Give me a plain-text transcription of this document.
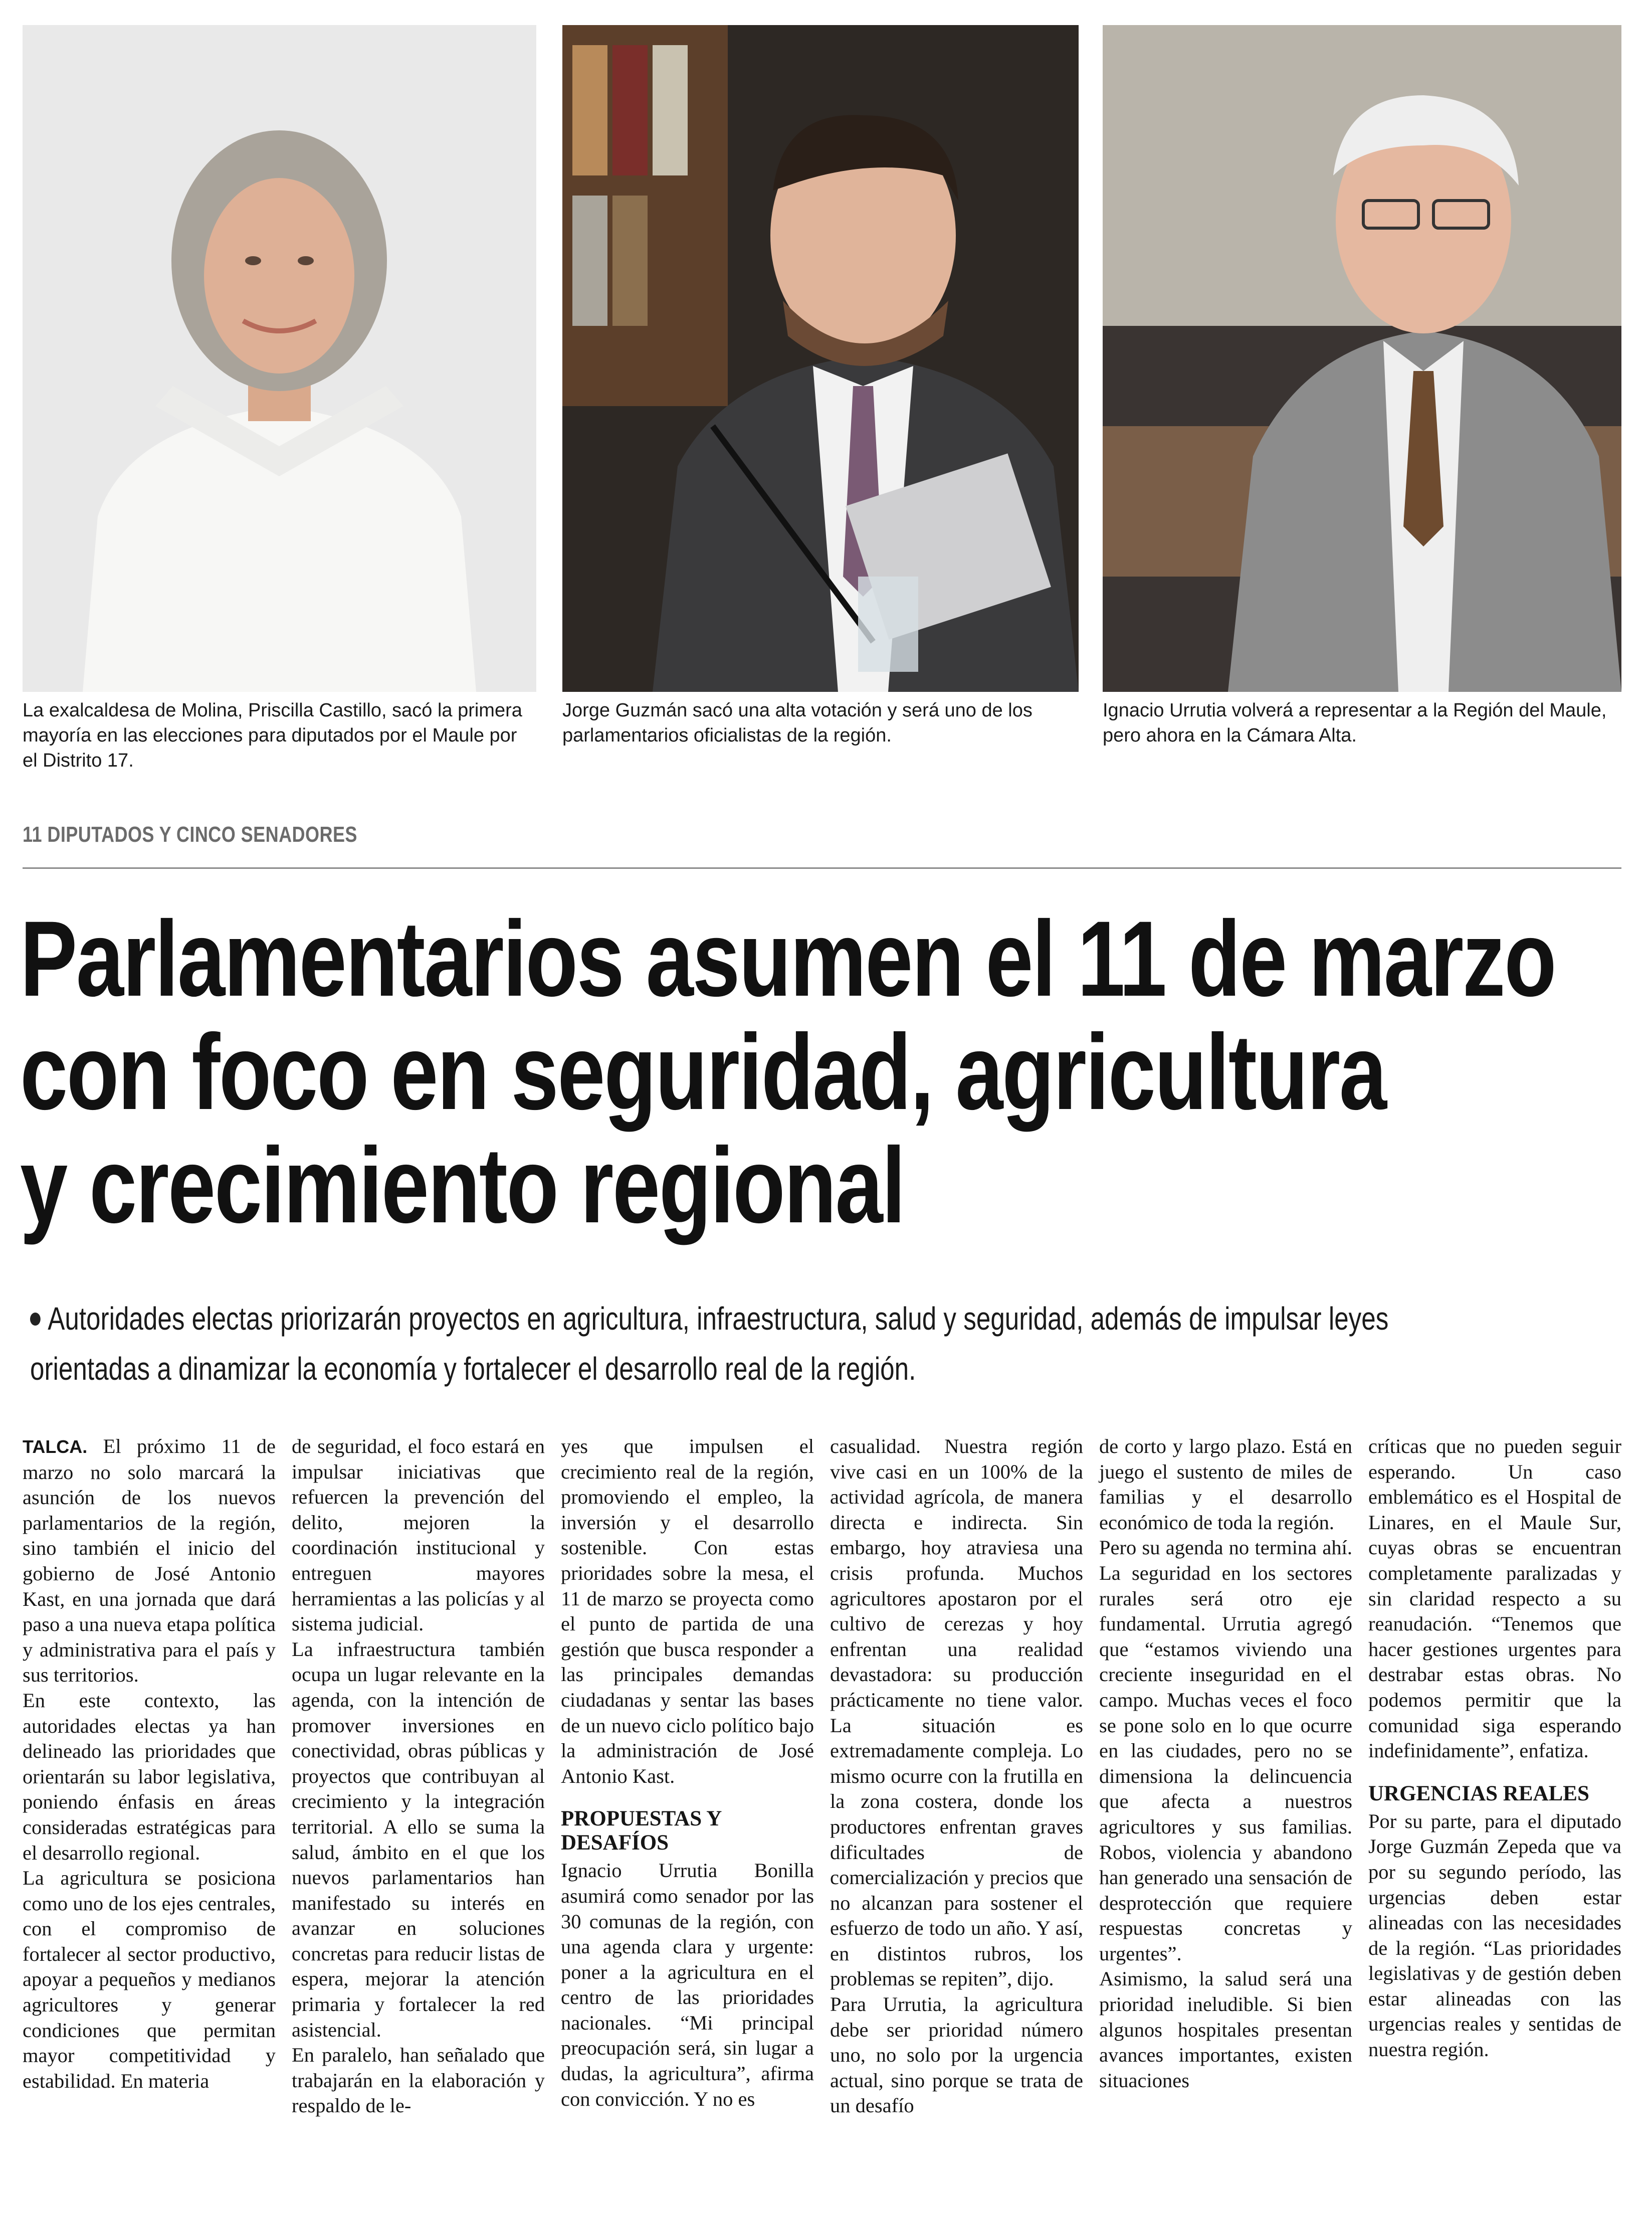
La exalcaldesa de Molina, Priscilla Castillo, sacó la primera mayoría en las elecciones para diputados por el Maule por el Distrito 17.
Jorge Guzmán sacó una alta votación y será uno de los parlamentarios oficialistas de la región.
Ignacio Urrutia volverá a representar a la Región del Maule, pero ahora en la Cámara Alta.
11 DIPUTADOS Y CINCO SENADORES
Parlamentarios asumen el 11 de marzo
con foco en seguridad, agricultura
y crecimiento regional

Autoridades electas priorizarán proyectos en agricultura, infraestructura, salud y seguridad, además de impulsar leyes
orientadas a dinamizar la economía y fortalecer el desarrollo real de la región.

TALCA. El próximo 11 de marzo no solo marcará la asunción de los nuevos parlamentarios de la región, sino también el inicio del gobierno de José Antonio Kast, en una jornada que dará paso a una nueva etapa política y administrativa para el país y sus territorios.

En este contexto, las autoridades electas ya han delineado las prioridades que orientarán su labor legislativa, poniendo énfasis en áreas consideradas estratégicas para el desarrollo regional.

La agricultura se posiciona como uno de los ejes centrales, con el compromiso de fortalecer al sector productivo, apoyar a pequeños y medianos agricultores y generar condiciones que permitan mayor competitividad y estabilidad. En materia

de seguridad, el foco estará en impulsar iniciativas que refuercen la prevención del delito, mejoren la coordinación institucional y entreguen mayores herramientas a las policías y al sistema judicial.

La infraestructura también ocupa un lugar relevante en la agenda, con la intención de promover inversiones en conectividad, obras públicas y proyectos que contribuyan al crecimiento y la integración territorial. A ello se suma la salud, ámbito en el que los nuevos parlamentarios han manifestado su interés en avanzar en soluciones concretas para reducir listas de espera, mejorar la atención primaria y fortalecer la red asistencial.

En paralelo, han señalado que trabajarán en la elaboración y respaldo de le-

yes que impulsen el crecimiento real de la región, promoviendo el empleo, la inversión y el desarrollo sostenible. Con estas prioridades sobre la mesa, el 11 de marzo se proyecta como el punto de partida de una gestión que busca responder a las principales demandas ciudadanas y sentar las bases de un nuevo ciclo político bajo la administración de José Antonio Kast.

PROPUESTAS Y DESAFÍOS

Ignacio Urrutia Bonilla asumirá como senador por las 30 comunas de la región, con una agenda clara y urgente: poner a la agricultura en el centro de las prioridades nacionales. “Mi principal preocupación será, sin lugar a dudas, la agricultura”, afirma con convicción. Y no es

casualidad. Nuestra región vive casi en un 100% de la actividad agrícola, de manera directa e indirecta. Sin embargo, hoy atraviesa una crisis profunda. Muchos agricultores apostaron por el cultivo de cerezas y hoy enfrentan una realidad devastadora: su producción prácticamente no tiene valor. La situación es extremadamente compleja. Lo mismo ocurre con la frutilla en la zona costera, donde los productores enfrentan graves dificultades de comercialización y precios que no alcanzan para sostener el esfuerzo de todo un año. Y así, en distintos rubros, los problemas se repiten”, dijo.

Para Urrutia, la agricultura debe ser prioridad número uno, no solo por la urgencia actual, sino porque se trata de un desafío

de corto y largo plazo. Está en juego el sustento de miles de familias y el desarrollo económico de toda la región.

Pero su agenda no termina ahí. La seguridad en los sectores rurales será otro eje fundamental. Urrutia agregó que “estamos viviendo una creciente inseguridad en el campo. Muchas veces el foco se pone solo en lo que ocurre en las ciudades, pero no se dimensiona la delincuencia que afecta a nuestros agricultores y sus familias. Robos, violencia y abandono han generado una sensación de desprotección que requiere respuestas concretas y urgentes”.

Asimismo, la salud será una prioridad ineludible. Si bien algunos hospitales presentan avances importantes, existen situaciones

críticas que no pueden seguir esperando. Un caso emblemático es el Hospital de Linares, en el Maule Sur, cuyas obras se encuentran completamente paralizadas y sin claridad respecto a su reanudación. “Tenemos que hacer gestiones urgentes para destrabar estas obras. No podemos permitir que la comunidad siga esperando indefinidamente”, enfatiza.

URGENCIAS REALES

Por su parte, para el diputado Jorge Guzmán Zepeda que va por su segundo período, las urgencias deben estar alineadas con las necesidades de la región. “Las prioridades legislativas y de gestión deben estar alineadas con las urgencias reales y sentidas de nuestra región.
